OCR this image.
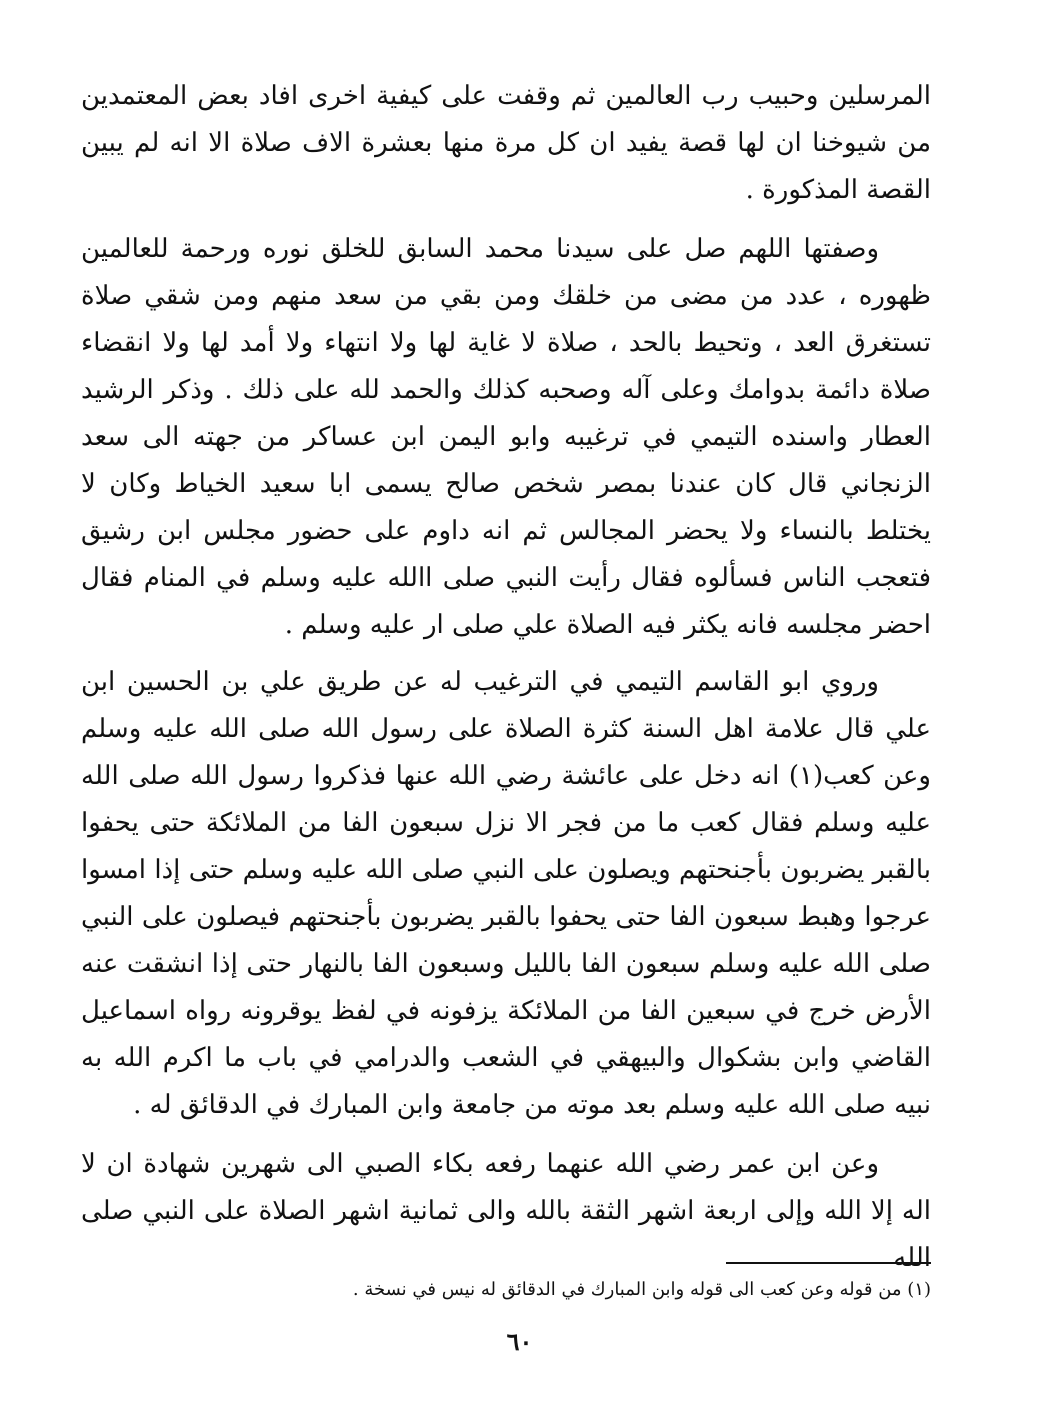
المرسلين وحبيب رب العالمين ثم وقفت على كيفية اخرى افاد بعض المعتمدين من شيوخنا ان لها قصة يفيد ان كل مرة منها بعشرة الاف صلاة الا انه لم يبين القصة المذكورة .

وصفتها اللهم صل على سيدنا محمد السابق للخلق نوره ورحمة للعالمين ظهوره ، عدد من مضى من خلقك ومن بقي من سعد منهم ومن شقي صلاة تستغرق العد ، وتحيط بالحد ، صلاة لا غاية لها ولا انتهاء ولا أمد لها ولا انقضاء صلاة دائمة بدوامك وعلى آله وصحبه كذلك والحمد لله على ذلك . وذكر الرشيد العطار واسنده التيمي في ترغيبه وابو اليمن ابن عساكر من جهته الى سعد الزنجاني قال كان عندنا بمصر شخص صالح يسمى ابا سعيد الخياط وكان لا يختلط بالنساء ولا يحضر المجالس ثم انه داوم على حضور مجلس ابن رشيق فتعجب الناس فسألوه فقال رأيت النبي صلى االله عليه وسلم في المنام فقال احضر مجلسه فانه يكثر فيه الصلاة علي صلى ار عليه وسلم .

وروي ابو القاسم التيمي في الترغيب له عن طريق علي بن الحسين ابن علي قال علامة اهل السنة كثرة الصلاة على رسول الله صلى الله عليه وسلم وعن كعب(١) انه دخل على عائشة رضي الله عنها فذكروا رسول الله صلى الله عليه وسلم فقال كعب ما من فجر الا نزل سبعون الفا من الملائكة حتى يحفوا بالقبر يضربون بأجنحتهم ويصلون على النبي صلى الله عليه وسلم حتى إذا امسوا عرجوا وهبط سبعون الفا حتى يحفوا بالقبر يضربون بأجنحتهم فيصلون على النبي صلى الله عليه وسلم سبعون الفا بالليل وسبعون الفا بالنهار حتى إذا انشقت عنه الأرض خرج في سبعين الفا من الملائكة يزفونه في لفظ يوقرونه رواه اسماعيل القاضي وابن بشكوال والبيهقي في الشعب والدرامي في باب ما اكرم الله به نبيه صلى الله عليه وسلم بعد موته من جامعة وابن المبارك في الدقائق له .

وعن ابن عمر رضي الله عنهما رفعه بكاء الصبي الى شهرين شهادة ان لا اله إلا الله وإلى اربعة اشهر الثقة بالله والى ثمانية اشهر الصلاة على النبي صلى الله

(١) من قوله وعن كعب الى قوله وابن المبارك في الدقائق له نيس في نسخة .

٦٠
